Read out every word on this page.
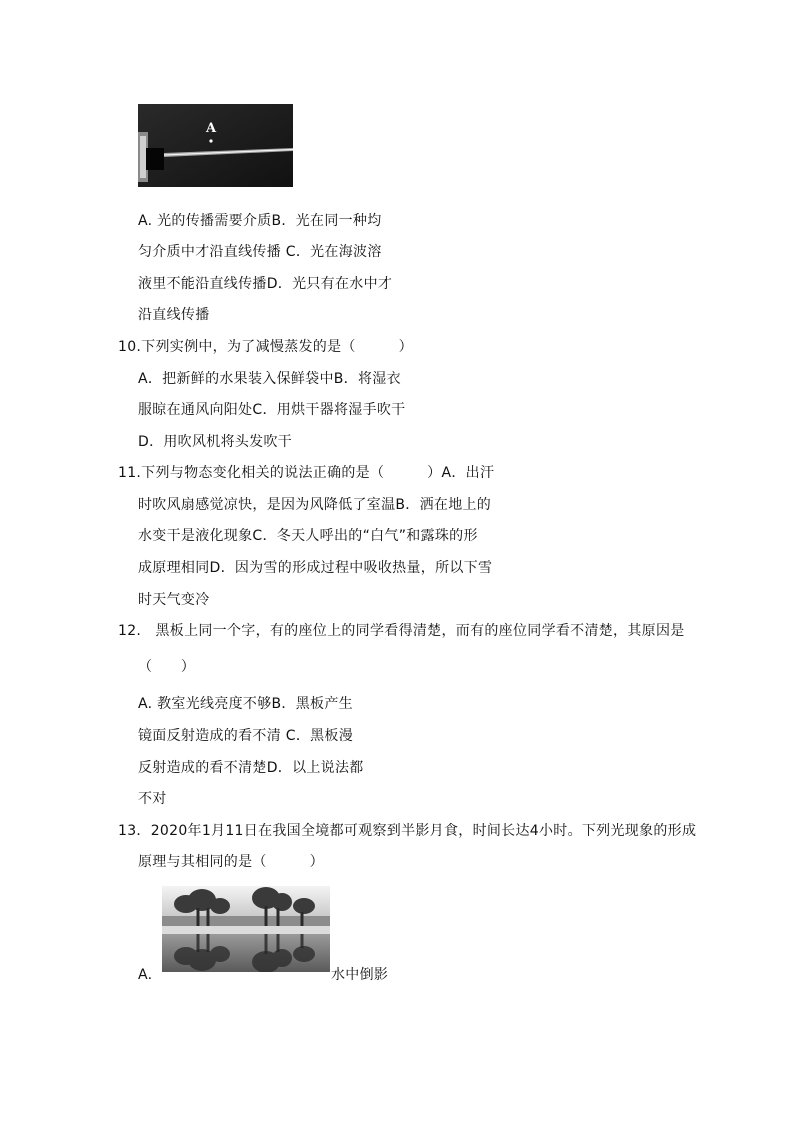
A
A. 光的传播需要介质B．光在同一种均
匀介质中才沿直线传播 C．光在海波溶
液里不能沿直线传播D．光只有在水中才
沿直线传播
10.下列实例中，为了减慢蒸发的是（　　　）
A．把新鲜的水果装入保鲜袋中B．将湿衣
服晾在通风向阳处C．用烘干器将湿手吹干
D．用吹风机将头发吹干
11.下列与物态变化相关的说法正确的是（　　　）A．出汗
时吹风扇感觉凉快，是因为风降低了室温B．洒在地上的
水变干是液化现象C．冬天人呼出的“白气”和露珠的形
成原理相同D．因为雪的形成过程中吸收热量，所以下雪
时天气变冷
12.　黑板上同一个字，有的座位上的同学看得清楚，而有的座位同学看不清楚，其原因是
（　　）
A. 教室光线亮度不够B．黑板产生
镜面反射造成的看不清 C．黑板漫
反射造成的看不清楚D．以上说法都
不对
13．2020年1月11日在我国全境都可观察到半影月食，时间长达4小时。下列光现象的形成
原理与其相同的是（　　　）
A.	水中倒影
